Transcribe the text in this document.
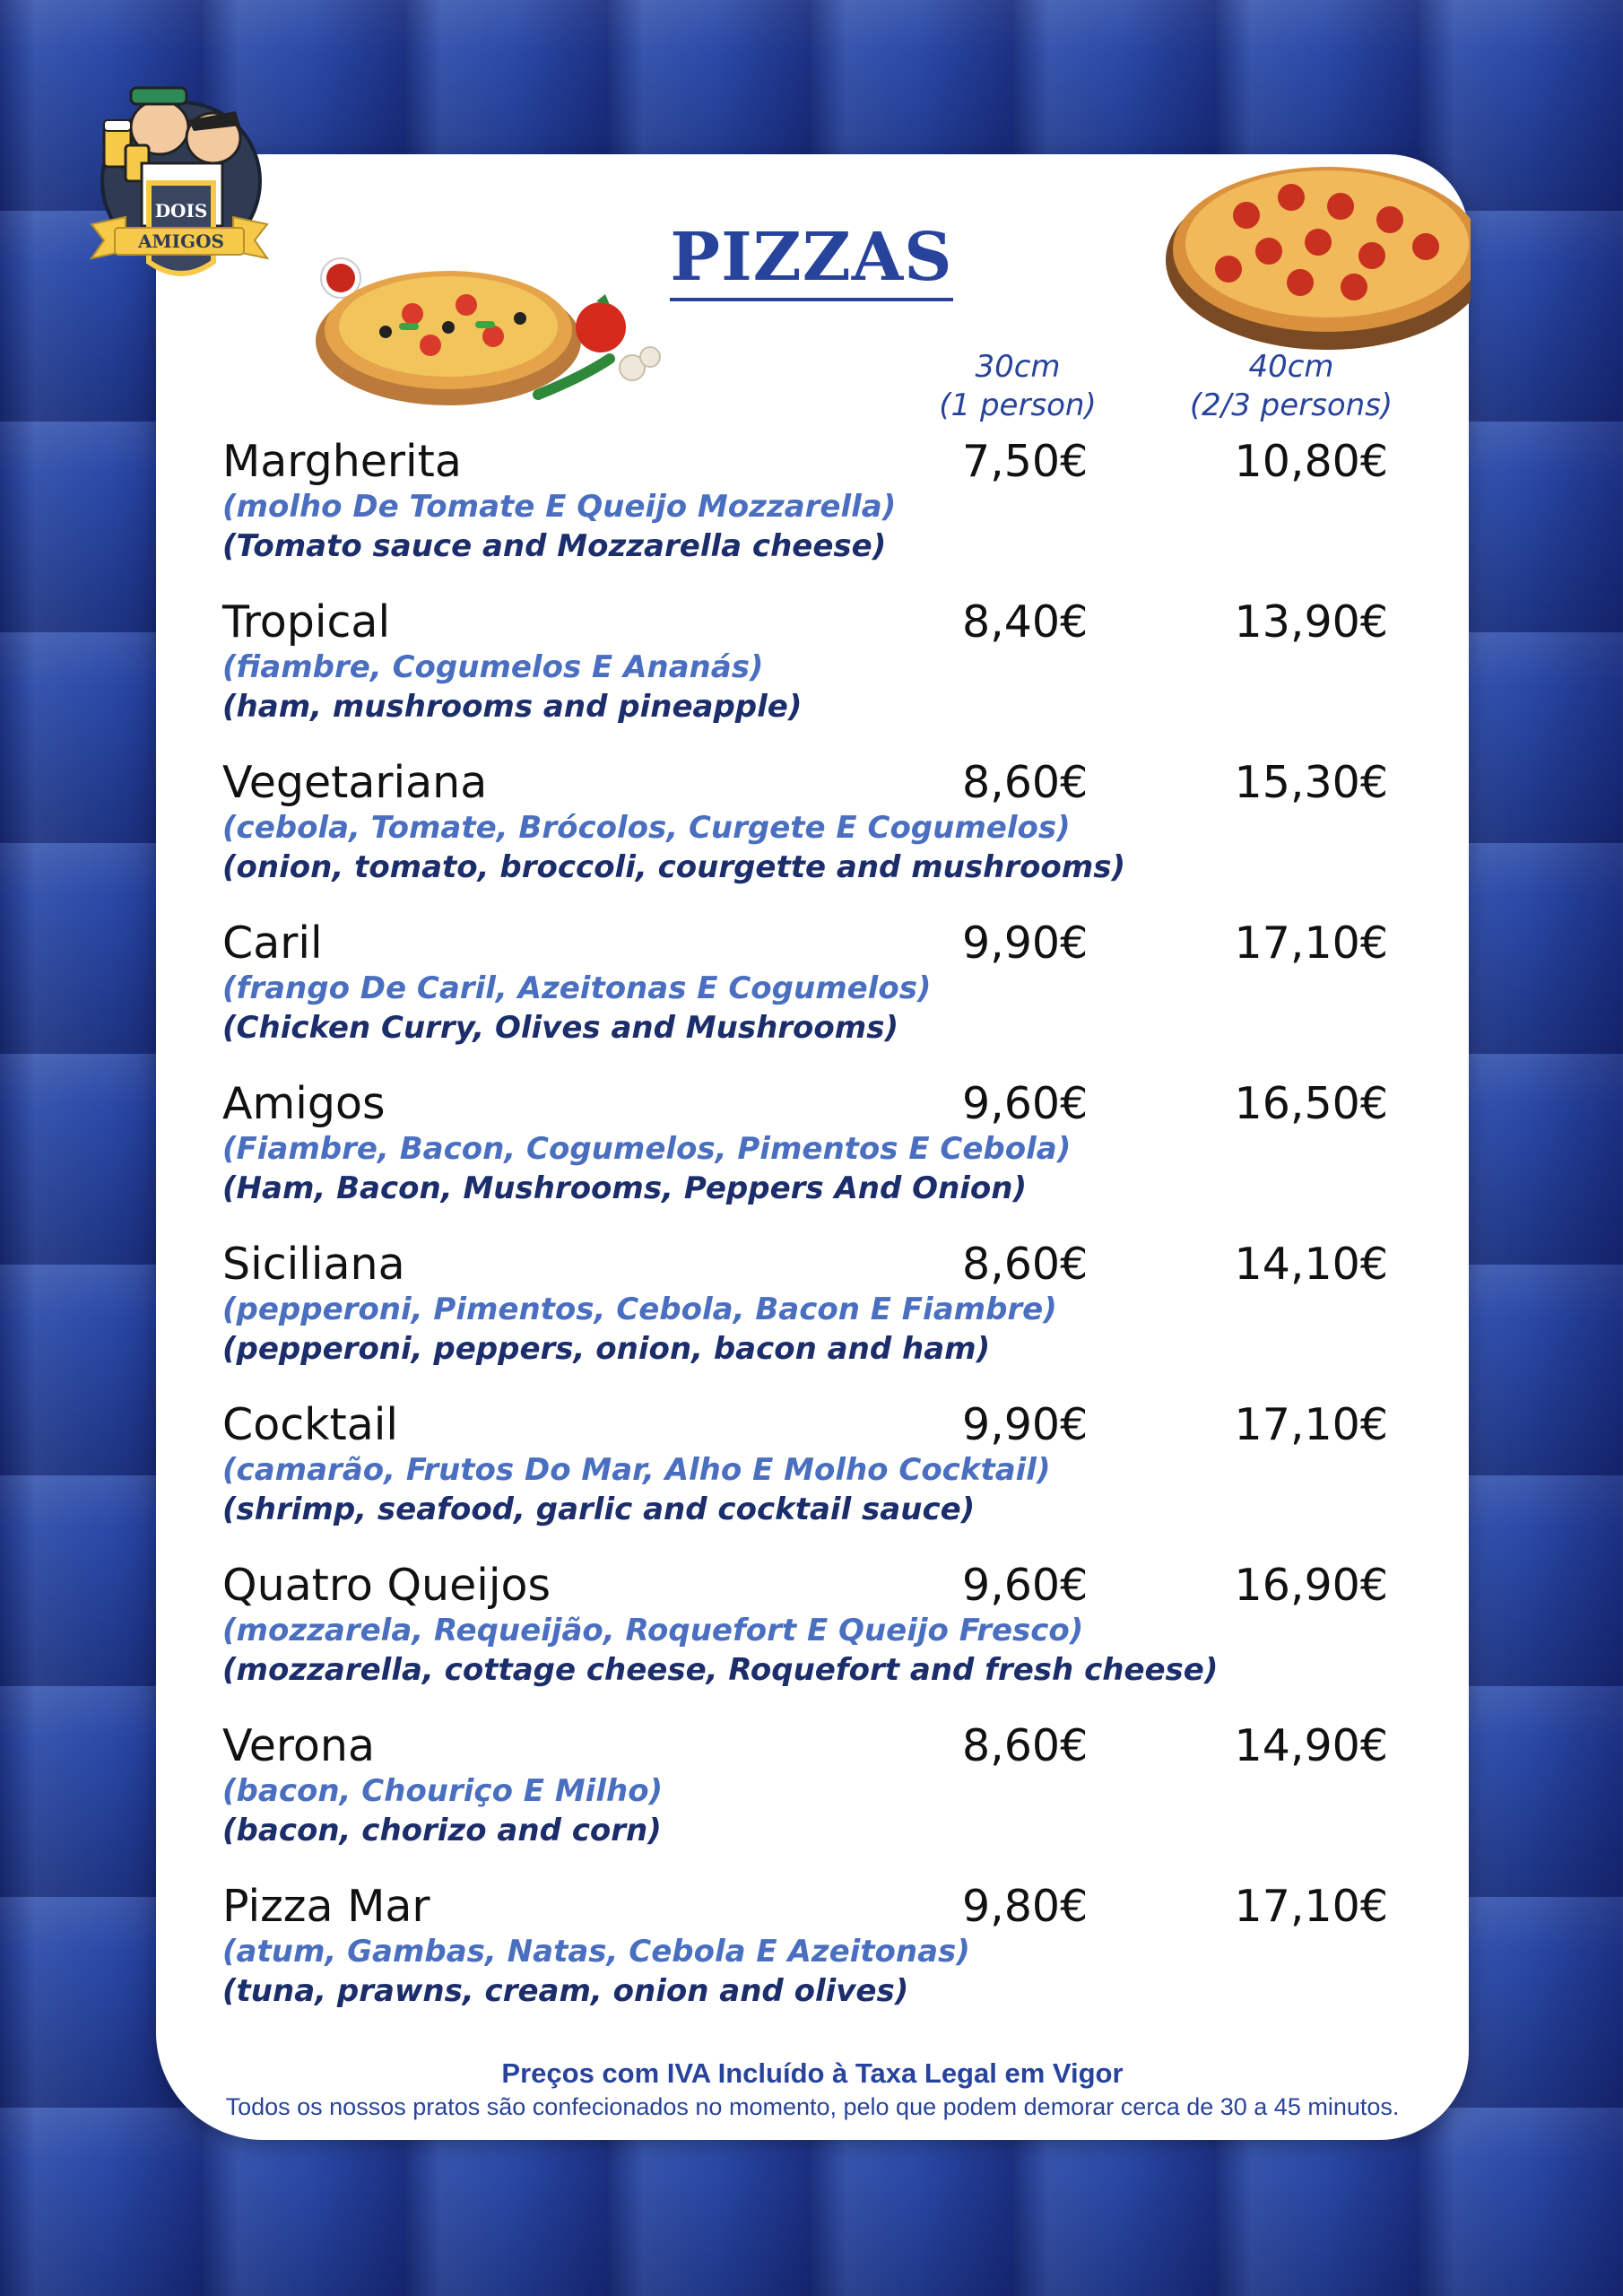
DOIS
AMIGOS	PIZZAS
30cm
(1 person)
40cm
(2/3 persons)
Margherita
(molho De Tomate E Queijo Mozzarella)
(Tomato sauce and Mozzarella cheese)
7,50€	10,80€
Tropical
(fiambre, Cogumelos E Ananás)
(ham, mushrooms and pineapple)
8,40€	13,90€
Vegetariana
(cebola, Tomate, Brócolos, Curgete E Cogumelos)
(onion, tomato, broccoli, courgette and mushrooms)
8,60€	15,30€
Caril
(frango De Caril, Azeitonas E Cogumelos)
(Chicken Curry, Olives and Mushrooms)
9,90€	17,10€
Amigos
(Fiambre, Bacon, Cogumelos, Pimentos E Cebola)
(Ham, Bacon, Mushrooms, Peppers And Onion)
9,60€	16,50€
Siciliana
(pepperoni, Pimentos, Cebola, Bacon E Fiambre)
(pepperoni, peppers, onion, bacon and ham)
8,60€	14,10€
Cocktail
(camarão, Frutos Do Mar, Alho E Molho Cocktail)
(shrimp, seafood, garlic and cocktail sauce)
9,90€	17,10€
Quatro Queijos
(mozzarela, Requeijão, Roquefort E Queijo Fresco)
(mozzarella, cottage cheese, Roquefort and fresh cheese)
9,60€	16,90€
Verona
(bacon, Chouriço E Milho)
(bacon, chorizo and corn)
8,60€	14,90€
Pizza Mar
(atum, Gambas, Natas, Cebola E Azeitonas)
(tuna, prawns, cream, onion and olives)
9,80€	17,10€
Preços com IVA Incluído à Taxa Legal em Vigor
Todos os nossos pratos são confecionados no momento, pelo que podem demorar cerca de 30 a 45 minutos.
